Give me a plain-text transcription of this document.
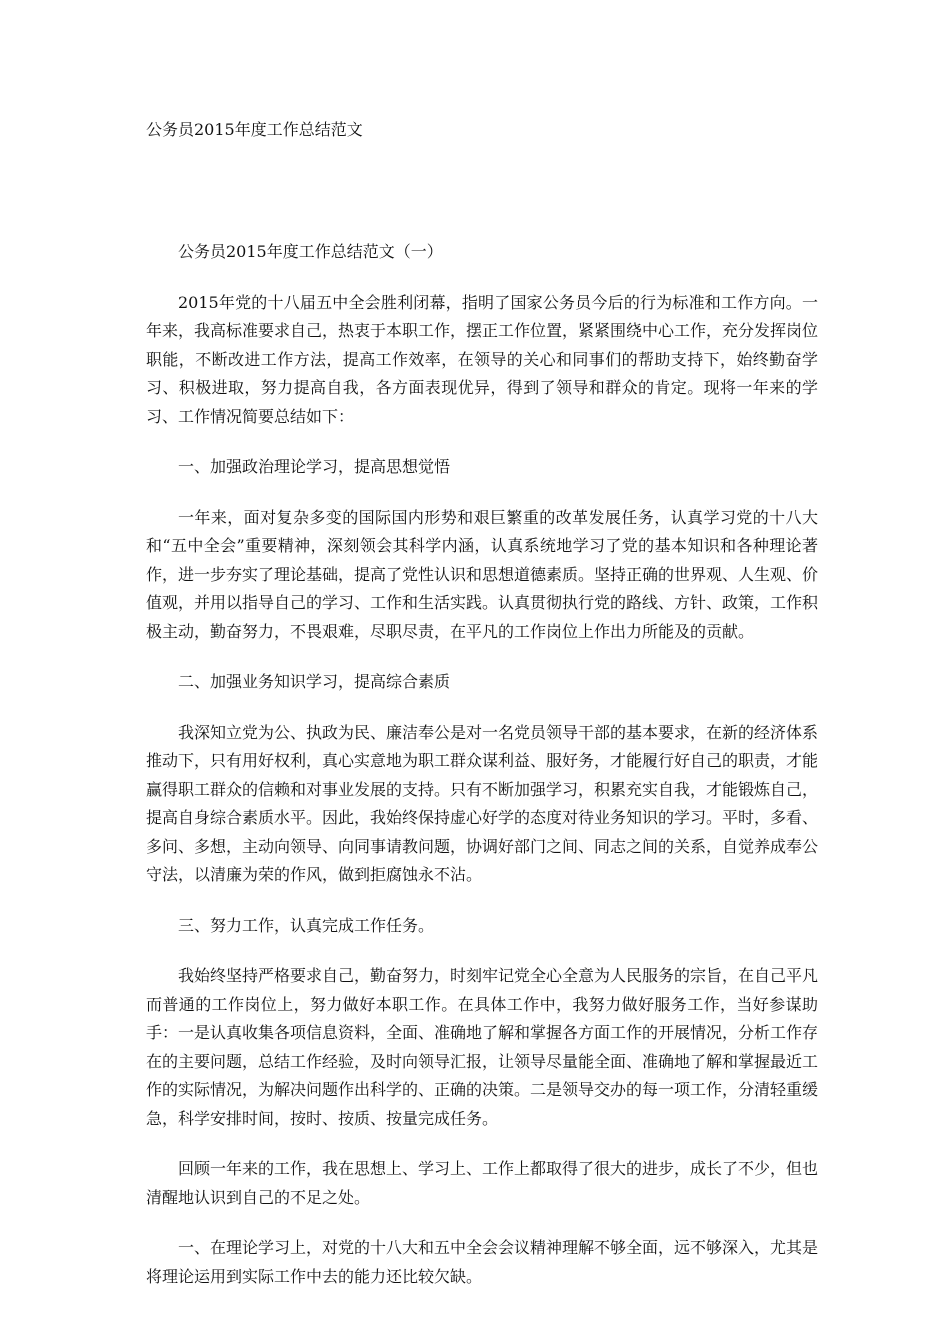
公务员2015年度工作总结范文

公务员2015年度工作总结范文（一）

2015年党的十八届五中全会胜利闭幕，指明了国家公务员今后的行为标准和工作方向。一年来，我高标准要求自己，热衷于本职工作，摆正工作位置，紧紧围绕中心工作，充分发挥岗位职能，不断改进工作方法，提高工作效率，在领导的关心和同事们的帮助支持下，始终勤奋学习、积极进取，努力提高自我，各方面表现优异，得到了领导和群众的肯定。现将一年来的学习、工作情况简要总结如下：

一、加强政治理论学习，提高思想觉悟

一年来，面对复杂多变的国际国内形势和艰巨繁重的改革发展任务，认真学习党的十八大和“五中全会”重要精神，深刻领会其科学内涵，认真系统地学习了党的基本知识和各种理论著作，进一步夯实了理论基础，提高了党性认识和思想道德素质。坚持正确的世界观、人生观、价值观，并用以指导自己的学习、工作和生活实践。认真贯彻执行党的路线、方针、政策，工作积极主动，勤奋努力，不畏艰难，尽职尽责，在平凡的工作岗位上作出力所能及的贡献。

二、加强业务知识学习，提高综合素质

我深知立党为公、执政为民、廉洁奉公是对一名党员领导干部的基本要求，在新的经济体系推动下，只有用好权利，真心实意地为职工群众谋利益、服好务，才能履行好自己的职责，才能赢得职工群众的信赖和对事业发展的支持。只有不断加强学习，积累充实自我，才能锻炼自己，提高自身综合素质水平。因此，我始终保持虚心好学的态度对待业务知识的学习。平时，多看、多问、多想，主动向领导、向同事请教问题，协调好部门之间、同志之间的关系，自觉养成奉公守法，以清廉为荣的作风，做到拒腐蚀永不沾。

三、努力工作，认真完成工作任务。

我始终坚持严格要求自己，勤奋努力，时刻牢记党全心全意为人民服务的宗旨，在自己平凡而普通的工作岗位上，努力做好本职工作。在具体工作中，我努力做好服务工作，当好参谋助手：一是认真收集各项信息资料，全面、准确地了解和掌握各方面工作的开展情况，分析工作存在的主要问题，总结工作经验，及时向领导汇报，让领导尽量能全面、准确地了解和掌握最近工作的实际情况，为解决问题作出科学的、正确的决策。二是领导交办的每一项工作，分清轻重缓急，科学安排时间，按时、按质、按量完成任务。

回顾一年来的工作，我在思想上、学习上、工作上都取得了很大的进步，成长了不少，但也清醒地认识到自己的不足之处。

一、在理论学习上，对党的十八大和五中全会会议精神理解不够全面，远不够深入，尤其是将理论运用到实际工作中去的能力还比较欠缺。
